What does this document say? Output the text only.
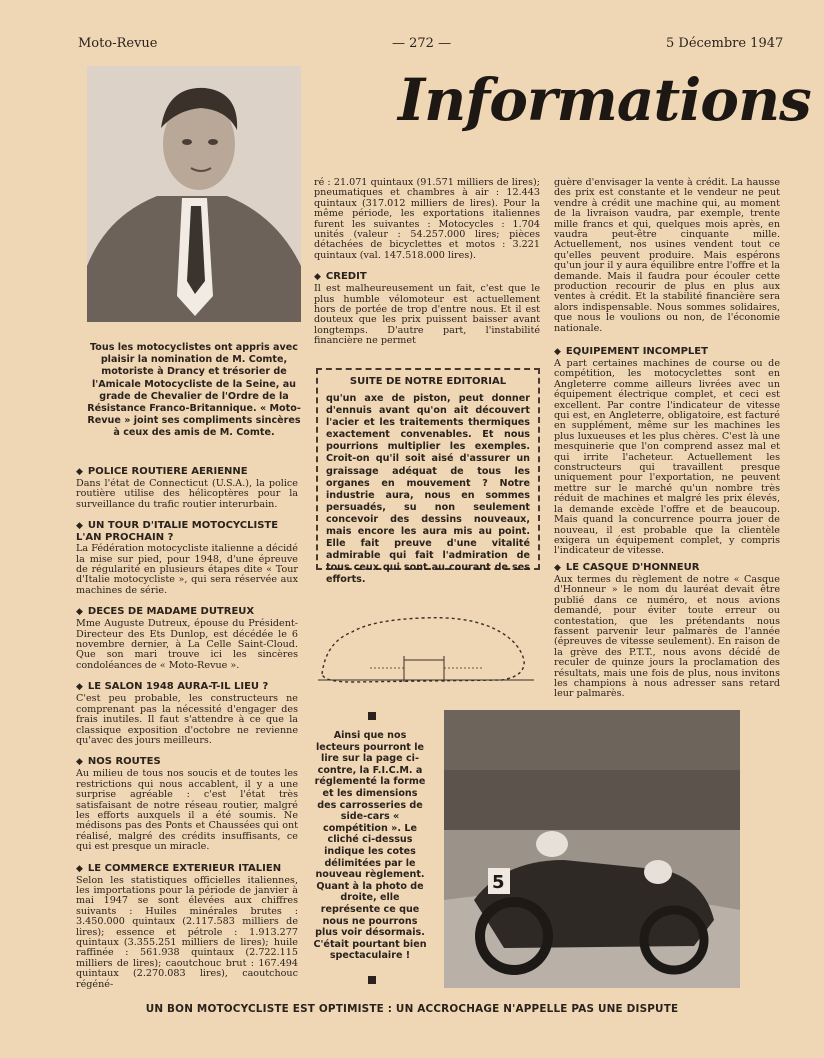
Moto-Revue	— 272 —	5 Décembre 1947
Informations

Tous les motocyclistes ont appris avec plaisir la nomination de M. Comte, motoriste à Drancy et trésorier de l'Amicale Motocycliste de la Seine, au grade de Chevalier de l'Ordre de la Résistance Franco-Britannique. « Moto-Revue » joint ses compliments sincères à ceux des amis de M. Comte.

◆ POLICE ROUTIERE AERIENNE

Dans l'état de Connecticut (U.S.A.), la police routière utilise des hélicoptères pour la surveillance du trafic routier interurbain.

◆ UN TOUR D'ITALIE MOTOCYCLISTE L'AN PROCHAIN ?

La Fédération motocycliste italienne a décidé la mise sur pied, pour 1948, d'une épreuve de régularité en plusieurs étapes dite « Tour d'Italie motocycliste », qui sera réservée aux machines de série.

◆ DECES DE MADAME DUTREUX

Mme Auguste Dutreux, épouse du Président-Directeur des Ets Dunlop, est décédée le 6 novembre dernier, à La Celle Saint-Cloud. Que son mari trouve ici les sincères condoléances de « Moto-Revue ».

◆ LE SALON 1948 AURA-T-IL LIEU ?

C'est peu probable, les constructeurs ne comprenant pas la nécessité d'engager des frais inutiles. Il faut s'attendre à ce que la classique exposition d'octobre ne revienne qu'avec des jours meilleurs.

◆ NOS ROUTES

Au milieu de tous nos soucis et de toutes les restrictions qui nous accablent, il y a une surprise agréable : c'est l'état très satisfaisant de notre réseau routier, malgré les efforts auxquels il a été soumis. Ne médisons pas des Ponts et Chaussées qui ont réalisé, malgré des crédits insuffisants, ce qui est presque un miracle.

◆ LE COMMERCE EXTERIEUR ITALIEN

Selon les statistiques officielles italiennes, les importations pour la période de janvier à mai 1947 se sont élevées aux chiffres suivants : Huiles minérales brutes : 3.450.000 quintaux (2.117.583 milliers de lires); essence et pétrole : 1.913.277 quintaux (3.355.251 milliers de lires); huile raffinée : 561.938 quintaux (2.722.115 milliers de lires); caoutchouc brut : 167.494 quintaux (2.270.083 lires), caoutchouc régéné-

ré : 21.071 quintaux (91.571 milliers de lires); pneumatiques et chambres à air : 12.443 quintaux (317.012 milliers de lires). Pour la même période, les exportations italiennes furent les suivantes : Motocycles : 1.704 unités (valeur : 54.257.000 lires; pièces détachées de bicyclettes et motos : 3.221 quintaux (val. 147.518.000 lires).

◆ CREDIT

Il est malheureusement un fait, c'est que le plus humble vélomoteur est actuellement hors de portée de trop d'entre nous. Et il est douteux que les prix puissent baisser avant longtemps. D'autre part, l'instabilité financière ne permet

SUITE DE NOTRE EDITORIAL

qu'un axe de piston, peut donner d'ennuis avant qu'on ait découvert l'acier et les traitements thermiques exactement convenables. Et nous pourrions multiplier les exemples. Croit-on qu'il soit aisé d'assurer un graissage adéquat de tous les organes en mouvement ? Notre industrie aura, nous en sommes persuadés, su non seulement concevoir des dessins nouveaux, mais encore les aura mis au point. Elle fait preuve d'une vitalité admirable qui fait l'admiration de tous ceux qui sont au courant de ses efforts.

Ainsi que nos lecteurs pourront le lire sur la page ci-contre, la F.I.C.M. a réglementé la forme et les dimensions des carrosseries de side-cars « compétition ». Le cliché ci-dessus indique les cotes délimitées par le nouveau règlement. Quant à la photo de droite, elle représente ce que nous ne pourrons plus voir désormais. C'était pourtant bien spectaculaire !

5

guère d'envisager la vente à crédit. La hausse des prix est constante et le vendeur ne peut vendre à crédit une machine qui, au moment de la livraison vaudra, par exemple, trente mille francs et qui, quelques mois après, en vaudra peut-être cinquante mille. Actuellement, nos usines vendent tout ce qu'elles peuvent produire. Mais espérons qu'un jour il y aura équilibre entre l'offre et la demande. Mais il faudra pour écouler cette production recourir de plus en plus aux ventes à crédit. Et la stabilité financière sera alors indispensable. Nous sommes solidaires, que nous le voulions ou non, de l'économie nationale.

◆ EQUIPEMENT INCOMPLET

A part certaines machines de course ou de compétition, les motocyclettes sont en Angleterre comme ailleurs livrées avec un équipement électrique complet, et ceci est excellent. Par contre l'indicateur de vitesse qui est, en Angleterre, obligatoire, est facturé en supplément, même sur les machines les plus luxueuses et les plus chères. C'est là une mesquinerie que l'on comprend assez mal et qui irrite l'acheteur. Actuellement les constructeurs qui travaillent presque uniquement pour l'exportation, ne peuvent mettre sur le marché qu'un nombre très réduit de machines et malgré les prix élevés, la demande excède l'offre et de beaucoup. Mais quand la concurrence pourra jouer de nouveau, il est probable que la clientèle exigera un équipement complet, y compris l'indicateur de vitesse.

◆ LE CASQUE D'HONNEUR

Aux termes du règlement de notre « Casque d'Honneur » le nom du lauréat devait être publié dans ce numéro, et nous avions demandé, pour éviter toute erreur ou contestation, que les prétendants nous fassent parvenir leur palmarès de l'année (épreuves de vitesse seulement). En raison de la grève des P.T.T., nous avons décidé de reculer de quinze jours la proclamation des résultats, mais une fois de plus, nous invitons les champions à nous adresser sans retard leur palmarès.

UN BON MOTOCYCLISTE EST OPTIMISTE : UN ACCROCHAGE N'APPELLE PAS UNE DISPUTE
